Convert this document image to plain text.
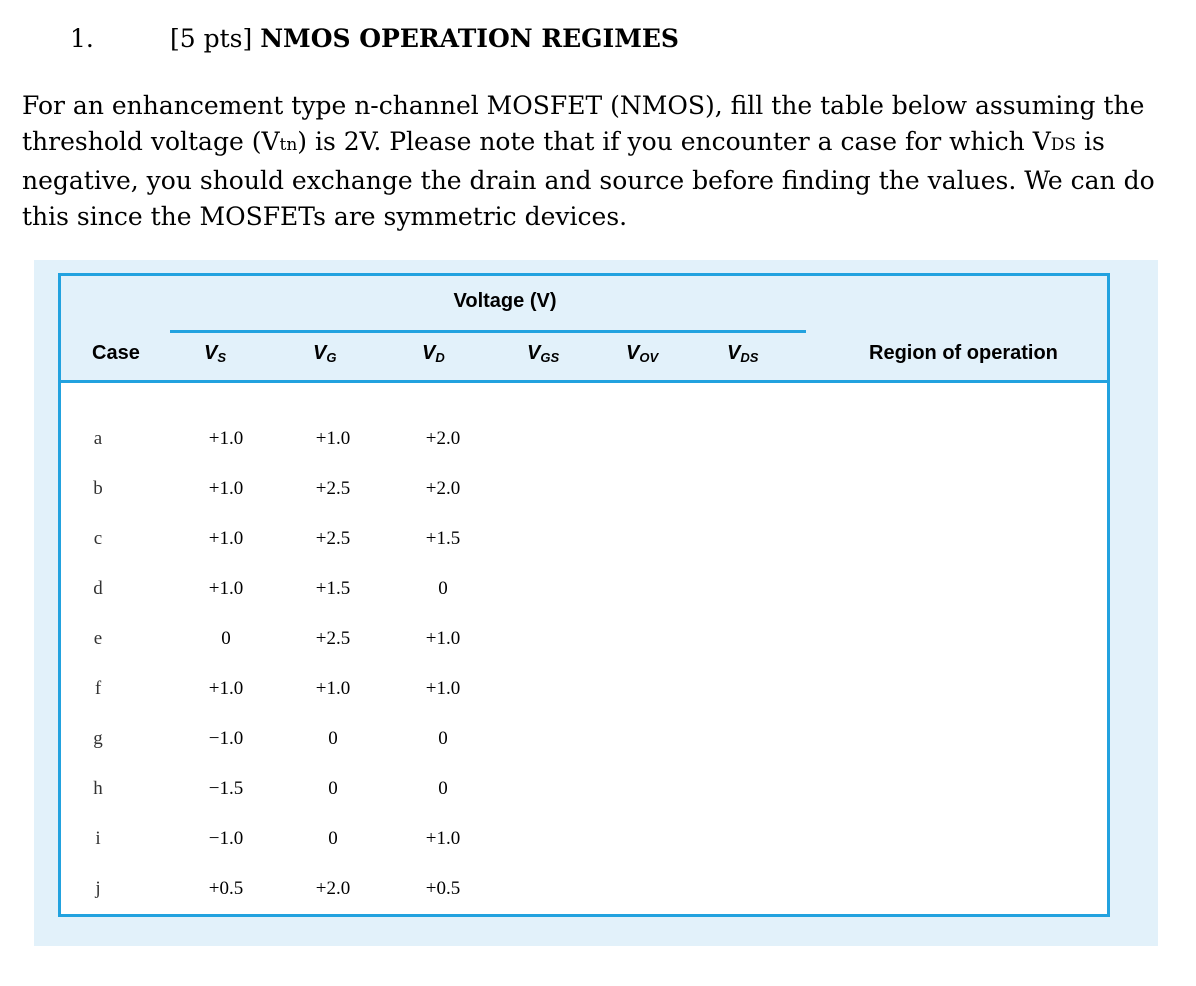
1.	[5 pts] NMOS OPERATION REGIMES
For an enhancement type n-channel MOSFET (NMOS), fill the table below assuming the threshold voltage (Vtn) is 2V. Please note that if you encounter a case for which VDS is negative, you should exchange the drain and source before finding the values. We can do this since the MOSFETs are symmetric devices.
Voltage (V)
Case	$V_S$	$V_G$	$V_D$	$V_{GS}$	$V_{OV}$	$V_{DS}$	Region of operation
a	+1.0	+1.0	+2.0
b	+1.0	+2.5	+2.0
c	+1.0	+2.5	+1.5
d	+1.0	+1.5	0
e	0	+2.5	+1.0
f	+1.0	+1.0	+1.0
g	−1.0	0	0
h	−1.5	0	0
i	−1.0	0	+1.0
j	+0.5	+2.0	+0.5
